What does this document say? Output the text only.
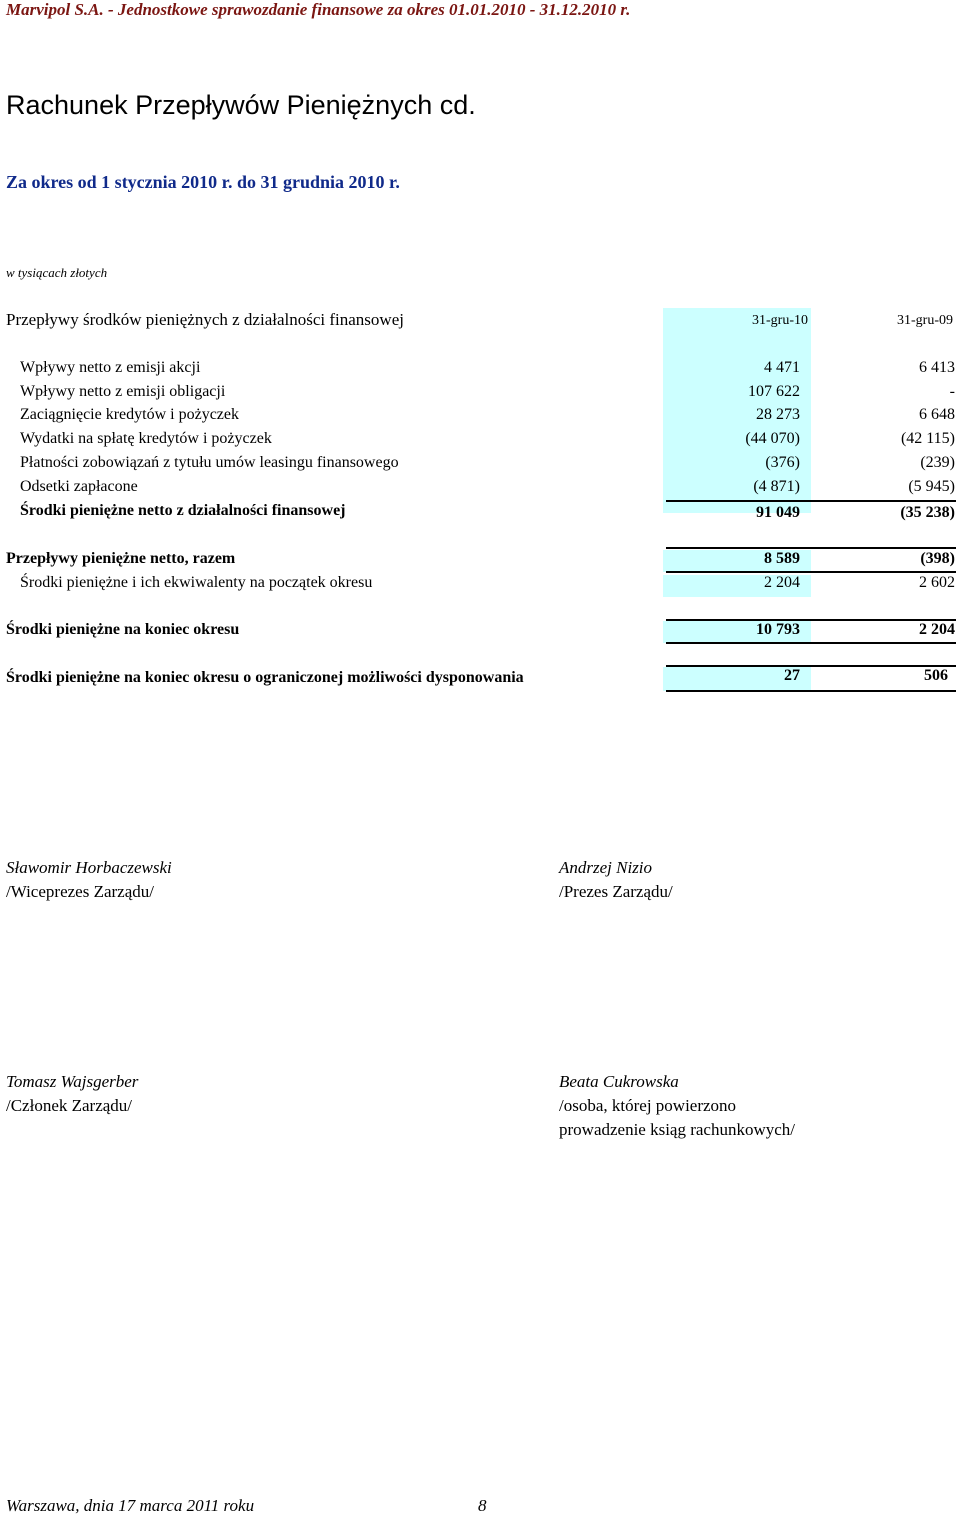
Marvipol S.A. - Jednostkowe sprawozdanie finansowe za okres 01.01.2010 - 31.12.2010 r.
Rachunek Przepływów Pieniężnych cd.
Za okres od 1 stycznia 2010 r. do 31 grudnia 2010 r.
w tysiącach złotych
Przepływy środków pieniężnych z działalności finansowej	31-gru-10	31-gru-09
Wpływy netto z emisji akcji	4 471	6 413
Wpływy netto z emisji obligacji	107 622	-
Zaciągnięcie kredytów i pożyczek	28 273	6 648
Wydatki na spłatę kredytów i pożyczek	(44 070)	(42 115)
Płatności zobowiązań z tytułu umów leasingu finansowego	(376)	(239)
Odsetki zapłacone	(4 871)	(5 945)
Środki pieniężne netto z działalności finansowej	91 049	(35 238)
Przepływy pieniężne netto, razem	8 589	(398)
Środki pieniężne i ich ekwiwalenty na początek okresu	2 204	2 602
Środki pieniężne na koniec okresu	10 793	2 204
Środki pieniężne na koniec okresu o ograniczonej możliwości dysponowania	27	506
Sławomir Horbaczewski
/Wiceprezes Zarządu/
Andrzej Nizio
/Prezes Zarządu/
Tomasz Wajsgerber
/Członek Zarządu/
Beata Cukrowska
/osoba, której powierzono
prowadzenie ksiąg rachunkowych/
Warszawa, dnia 17 marca 2011 roku	8
